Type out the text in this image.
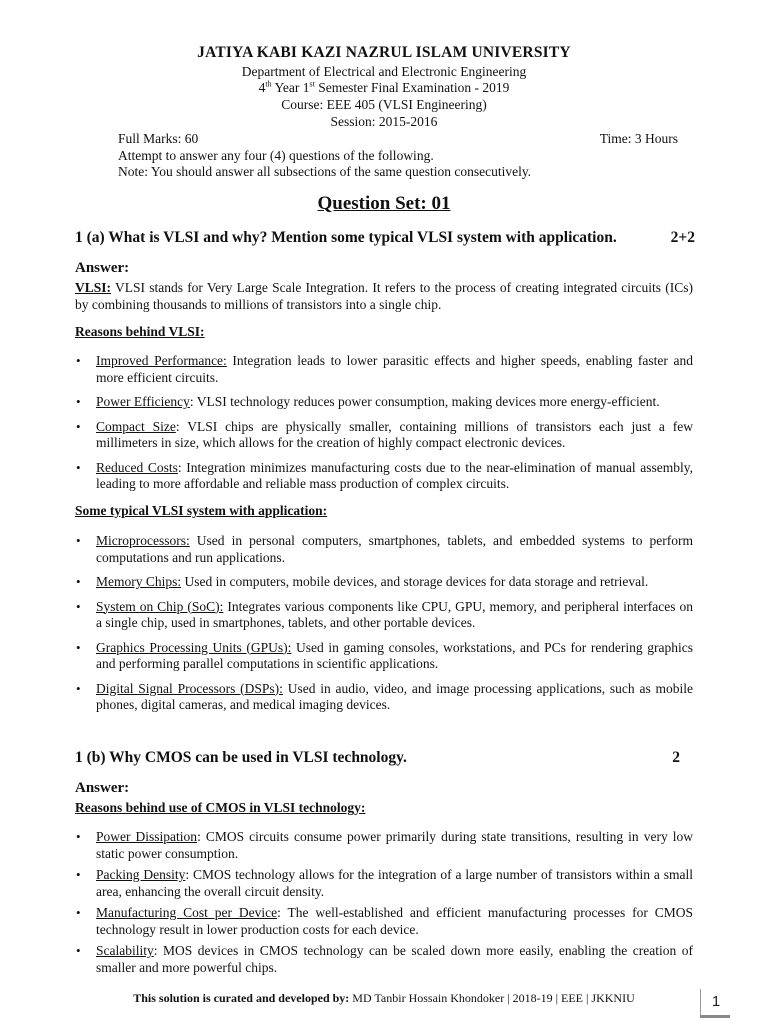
JATIYA KABI KAZI NAZRUL ISLAM UNIVERSITY
Department of Electrical and Electronic Engineering
4th Year 1st Semester Final Examination - 2019
Course: EEE 405 (VLSI Engineering)
Session: 2015-2016
Full Marks: 60	Time: 3 Hours
Attempt to answer any four (4) questions of the following.
Note: You should answer all subsections of the same question consecutively.
Question Set: 01
1 (a) What is VLSI and why? Mention some typical VLSI system with application.	2+2
Answer:
VLSI: VLSI stands for Very Large Scale Integration. It refers to the process of creating integrated circuits (ICs) by combining thousands to millions of transistors into a single chip.
Reasons behind VLSI:
• Improved Performance: Integration leads to lower parasitic effects and higher speeds, enabling faster and more efficient circuits.
• Power Efficiency: VLSI technology reduces power consumption, making devices more energy-efficient.
• Compact Size: VLSI chips are physically smaller, containing millions of transistors each just a few millimeters in size, which allows for the creation of highly compact electronic devices.
• Reduced Costs: Integration minimizes manufacturing costs due to the near-elimination of manual assembly, leading to more affordable and reliable mass production of complex circuits.
Some typical VLSI system with application:
• Microprocessors: Used in personal computers, smartphones, tablets, and embedded systems to perform computations and run applications.
• Memory Chips: Used in computers, mobile devices, and storage devices for data storage and retrieval.
• System on Chip (SoC): Integrates various components like CPU, GPU, memory, and peripheral interfaces on a single chip, used in smartphones, tablets, and other portable devices.
• Graphics Processing Units (GPUs): Used in gaming consoles, workstations, and PCs for rendering graphics and performing parallel computations in scientific applications.
• Digital Signal Processors (DSPs): Used in audio, video, and image processing applications, such as mobile phones, digital cameras, and medical imaging devices.
1 (b) Why CMOS can be used in VLSI technology.	2
Answer:
Reasons behind use of CMOS in VLSI technology:
• Power Dissipation: CMOS circuits consume power primarily during state transitions, resulting in very low static power consumption.
• Packing Density: CMOS technology allows for the integration of a large number of transistors within a small area, enhancing the overall circuit density.
• Manufacturing Cost per Device: The well-established and efficient manufacturing processes for CMOS technology result in lower production costs for each device.
• Scalability: MOS devices in CMOS technology can be scaled down more easily, enabling the creation of smaller and more powerful chips.
This solution is curated and developed by: MD Tanbir Hossain Khondoker | 2018-19 | EEE | JKKNIU	1
